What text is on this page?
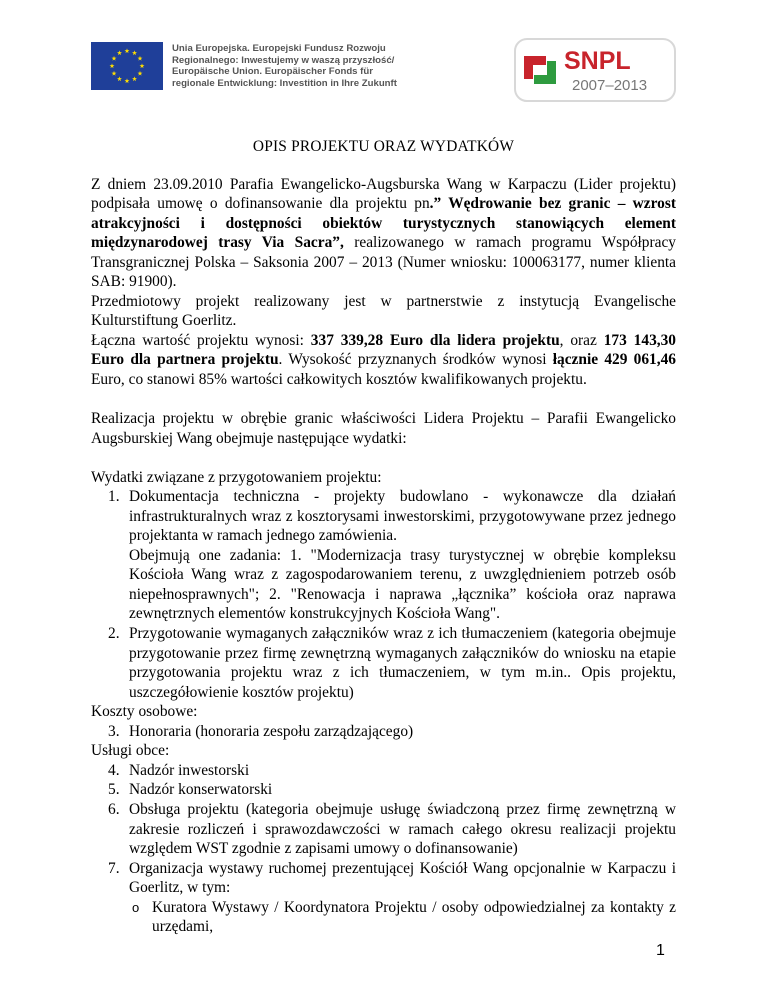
Unia Europejska. Europejski Fundusz Rozwoju
Regionalnego: Inwestujemy w waszą przyszłość/
Europäische Union. Europäischer Fonds für
regionale Entwicklung: Investition in Ihre Zukunft
SNPL
2007–2013
OPIS PROJEKTU ORAZ WYDATKÓW

Z dniem 23.09.2010 Parafia Ewangelicko-Augsburska Wang w Karpaczu (Lider projektu) podpisała umowę o dofinansowanie dla projektu pn.” Wędrowanie bez granic – wzrost atrakcyjności i dostępności obiektów turystycznych stanowiących element międzynarodowej trasy Via Sacra”, realizowanego w ramach programu Współpracy Transgranicznej Polska – Saksonia 2007 – 2013 (Numer wniosku: 100063177, numer klienta SAB: 91900).

Przedmiotowy projekt realizowany jest w partnerstwie z instytucją Evangelische Kulturstiftung Goerlitz.

Łączna wartość projektu wynosi: 337 339,28 Euro dla lidera projektu, oraz 173 143,30 Euro dla partnera projektu. Wysokość przyznanych środków wynosi łącznie 429 061,46 Euro, co stanowi 85% wartości całkowitych kosztów kwalifikowanych projektu.

Realizacja projektu w obrębie granic właściwości Lidera Projektu – Parafii Ewangelicko Augsburskiej Wang obejmuje następujące wydatki:

Wydatki związane z przygotowaniem projektu:

1. Dokumentacja techniczna - projekty budowlano - wykonawcze dla działań infrastrukturalnych wraz z kosztorysami inwestorskimi, przygotowywane przez jednego projektanta w ramach jednego zamówienia.
Obejmują one zadania: 1. "Modernizacja trasy turystycznej w obrębie kompleksu Kościoła Wang wraz z zagospodarowaniem terenu, z uwzględnieniem potrzeb osób niepełnosprawnych"; 2. "Renowacja i naprawa „łącznika” kościoła oraz naprawa zewnętrznych elementów konstrukcyjnych Kościoła Wang".
2. Przygotowanie wymaganych załączników wraz z ich tłumaczeniem (kategoria obejmuje przygotowanie przez firmę zewnętrzną wymaganych załączników do wniosku na etapie przygotowania projektu wraz z ich tłumaczeniem, w tym m.in.. Opis projektu, uszczegółowienie kosztów projektu)

Koszty osobowe:

3. Honoraria (honoraria zespołu zarządzającego)

Usługi obce:

4. Nadzór inwestorski
5. Nadzór konserwatorski
6. Obsługa projektu (kategoria obejmuje usługę świadczoną przez firmę zewnętrzną w zakresie rozliczeń i sprawozdawczości w ramach całego okresu realizacji projektu względem WST zgodnie z zapisami umowy o dofinansowanie)
7. Organizacja wystawy ruchomej prezentującej Kościół Wang opcjonalnie w Karpaczu i Goerlitz, w tym:
o Kuratora Wystawy / Koordynatora Projektu / osoby odpowiedzialnej za kontakty z urzędami,
1
